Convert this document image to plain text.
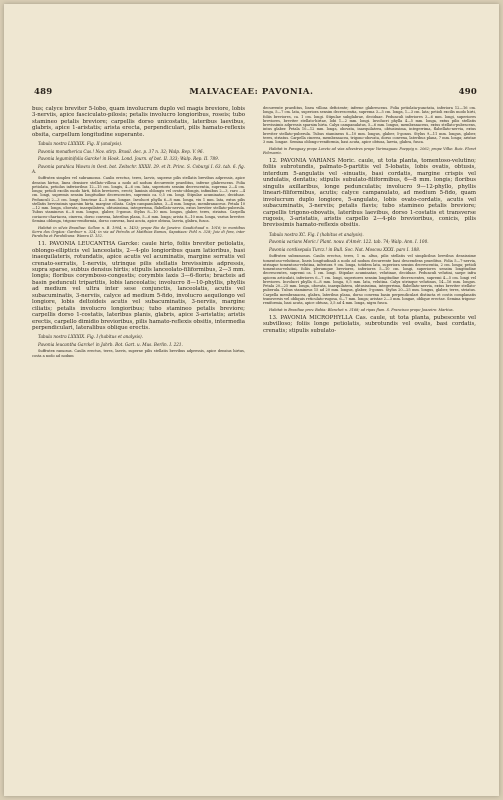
489	MALVACEAE: PAVONIA.	490

bus; calyce breviter 5-lobo, quam involucrum duplo vel magis breviore, lobis 3-nerviis, apice fasciculato-pilosis; petalis involucro longioribus, roseis; tubo stamineo petalis breviore; carpellis dorso unicostatis, lateribus laevibus, glabris, apice 1-aristatis; arista erecta, perpendiculari, pilis hamato-reflexis obsita, carpellum longitudine superante.

Tabula nostra LXXXIX. Fig. II (analysis).

Pavonia monatherica Cas.! Nov. stirp. Brasil. dec. p. 37 n. 32; Walp. Rep. V. 96.

Pavonia leguminifolia Garcke! in Hook. Lond. Journ. of bot. II. 333; Walp. Rep. II. 789.

Pavonia parahica Wawra in Oest. bot. Zeitschr. XXXII. 29. et It. Princ. S. Coburgi I. 63. tab. 6. fig. A.

Suffrutex simplex vel subramosus. Caulis erectus, teres, laevis, superne pilis stellatis brevibus adpressis, apice densius hirtus, linea densiore stellato-villosa a nodo ad nodum decurrente praeditus, inferne glabrescens. Folia petiolata, petiolus inferioribus 12—15 cm. longis, 4—6 cm. lata, superioris sensim decrescentia, suprema 2—4 cm. longa; petioli excilis modo hirti, foliis breviores, erecti; laminis oblongis vel ovato-oblongis, infimibus 2—3, raro —4 cm. longi, supremis sensim longitudine decrescentes, supremis ca. 0,5 cm. longi. Stipulae acuminatae, deciduae. Pedunculi 2—3 cm. longi; bracteae 4—5 mm. longae. Involucri phylla 6—8 mm. longa, vix 1 mm. lata, extus pilis stellatis brevissimis sparsim hirta, margine ciliata. Calyx campanulatus, 3—4 mm. longus, membranaceus. Petala 10—12 mm. longa, obovata; inaequilatera, obtusissima, integerrima, flabellato-nervia, extus breviter stellato-puberula. Tubus stamineus 6—8 mm. longus, glaber, 5-gonus. Stylus 8—10 mm. longus, glaber, teres, striatus. Carpella coriaceo-chartacea, cinerea, dorso convexa, lateribus plana, 5—6 mm. longa; arista 8—10 mm. longa, varius breviter. Semina oblonga, trigono-reniformia, dorso convexa, basi acuta, apice obtusa, laevia, glabra, fusca.

Habitat in silvis Brasiliae: Sellow n. B. 1904, n. 1453; prope Rio de Janeiro: Gaudichaud n. 1016; in montibus Serra dos Orgãos: Gardner n. 324; in via ad Petrolis et Matthias Ramos, Sapatiaes: Pohl n. 328; Juiz di fora, inter Parahiba et Parahibuna: Wawra II. 152.

11. PAVONIA LEUCANTHA Garcke: caule hirto, foliis breviter petiolatis, oblongo-ellipticis vel lanceolatis, 2—4-plo longioribus quam latioribus, basi inaequilateris, rotundatis, apice acutis vel acuminatis, margine serratis vel crenato-serratis, 1-nerviis, utrinque pilis stellatis brevissimis adpressis, supra sparse, subtus densius hirtis; stipulis lanceolato-filiformibus, 2—3 mm. longis; floribus corymboso-congestis; corymbis laxis 3—6-floris; bracteis ad basin pedunculi tripartitis, lobis lanceolatis; involucro 8—10-phyllis, phyllis ad medium vel ultra inter sese conjunctis, lanceolatis, acutis vel subacuminatis, 3-nerviis, calyce ad medium 5-fido, involucro aequilongo vel longiore, lobis deltoideis acutis vel subacuminatis, 3-nerviis, margine ciliatis; petalis involucro longioribus; tubo stamineo petalis breviore; carpellis dorso 1-costatis, lateribus planis, glabris, apice 3-aristatis; aristis erectis, carpello dimidio brevioribus, pilis hamato-reflexis obsitis, intermedia perpendiculari, lateralibus oblique erectis.

Tabula nostra LXXXIX. Fig. I (habitus et analysis).

Pavonia leucantha Garcke! in Jahrb. Bot. Gart. u. Mus. Berlin. I. 221.

Suffrutex ramosus. Caulis erectus, teres, laevis, superne pilis stellatis brevibus adpressis, apice densius hirtus, costa a nodo ad nodum

decurrente praeditus, linea villosa deficiente; inferne glabrescens. Folia petiolata-punctata, inferiora 12—16 cm. longa, 5—7 cm. lata, superiora sensim decrescentia, suprema 3—5 cm. longa, 1—3 cm. lata; petioli excilis modo hirti, foliis breviores, ca. 1 cm. longi. Stipulae subglabrae, deciduae. Pedunculi inferiores 3—6 mm. longi, superiores breviores, breviter stellato-hirtae, lobi 1—2 mm. longi. Involucri phylla 4—5 mm. longa, extus pilis stellatis brevissimis adpressis sparsim hirta. Calyx campanulatus, 5—6 mm. longus, membranaceus, extus stellato-pubescens, intus glaber. Petala 10—12 mm. longa, obovata, inaequilatera, obtusissima, integerrima, flabellato-nervia, extus breviter stellato-puberula. Tubus stamineus 8—10 mm. longus, glaber, 5-gonus. Stylus 9—11 mm. longus, glaber, teres, striatus. Carpella cinerea, membranacea, trigono-obovata, dorso convexa, lateribus plana, 7 mm. longa; aristae 3 mm. longae. Semina oblongo-reniformia, basi acuta, apice obtusa, laevia, glabra, fusca.

Habitat in Paraguay prope Loreto ad vias silvestres prope Yurimaguas: Poeppig n. 2062; prope Vilke: Ruiz. Floret Februario.

12. PAVONIA VARIANS Moric. caule, ut tota planta, tomentoso-velutino; foliis subrotundis, palmato-5-partitis vel 5-lobatis, lobis ovatis, obtusis, interdum 5-angulatis vel -sinuatis, basi cordatis, margine crispis vel undulatis, dentatis; stipulis subulato-filiformibus, 6—8 mm. longis; floribus singulis axillaribus, longe pedunculatis; involucro 9—12-phyllo, phyllis lineari-filiformibus, acutis; calyce campanulato, ad medium 5-fido, quam involucrum duplo longiore, 5-angulato, lobis ovato-cordatis, acutis vel subacuminatis, 3-nerviis; petalis flavis; tubo stamineo petalis breviore; carpellis trigono-obovatis, lateribus laevibus, dorso 1-costatis et transverse rugosis, 3-aristatis, aristis carpello 2—4-plo brevioribus, conicis, pilis brevissimis hamato-reflexis obsitis.

Tabula nostra XC. Fig. I (habitus et analysis).

Pavonia varians Moric.! Plant. nouv. d'Amér. 122. tab. 74; Walp. Ann. I. 100.

Pavonia cordisepala Turcz.! in Bull. Soc. Nat. Moscou XXXI. pars I. 188.

Suffrutex subramosus. Caulis erectus, teres, 1 m. altus, pilis stellatis vel simplicibus brevibus densissime tomentoso-velutinus, lineis longitudinali a nodo ad nodum decurrente basi descendens praeditus. Folia 5—7-nervia, utrinque tomentoso-velutina, inferiora 9 cm. longa, totidem lata, superiora sensim decrescentia, 2 cm. longa; petioli tomentoso-velutini, foliis plerumque breviores, inferiores 5—10 cm. longi, superiores sensim longitudine decrescentes, supremi ca. 1 cm. longi. Stipulae acuminatae, velutinae, deciduae. Pedunculi velutini, saepe infra apicem articulati, inferiores 6—7 cm. longi, superiores sensim longitudine decrescentes, supremi 4—5 cm. longi vel breviores. Involucri phylla 6—8 mm. longa, 0,5 mm. lata, velutina. Calyx utrinque velutinus, 14—16 mm. longus. Petala 20—25 mm. longa, obovata, inaequilatera, obtusissima, integerrima, flabellato-nervia, extus breviter stellato-puberula. Tubus stamineus 15 ad 20 mm. longus, glaber, 5-gonus. Stylus 20—25 mm. longus, glaber, teres, striatus. Carpella membranacea, glabra, lateribus plana, dorso convexa basin perpendiculari distincta et costis complanatis transversis vel obliquis reticulato-rugosa, 6—7 mm. longa; aristae 2—3 mm. longae, oblique erectae. Semina trigono-reniformia, basi acuta, apice obtusa, 3,5 ad 4 mm. longa, nigra fusca.

Habitat in Brasiliae prov. Bahia: Blanchet n. 3168; ad ripas flum. S. Francisco prope Joazeiro: Martius.

13. PAVONIA MICROPHYLLA Cas. caule, ut tota planta, pubescente vel subvilloso; foliis longe petiolatis, subrotundis vel ovalis, basi cordatis, crenatis; stipulis subulato-
